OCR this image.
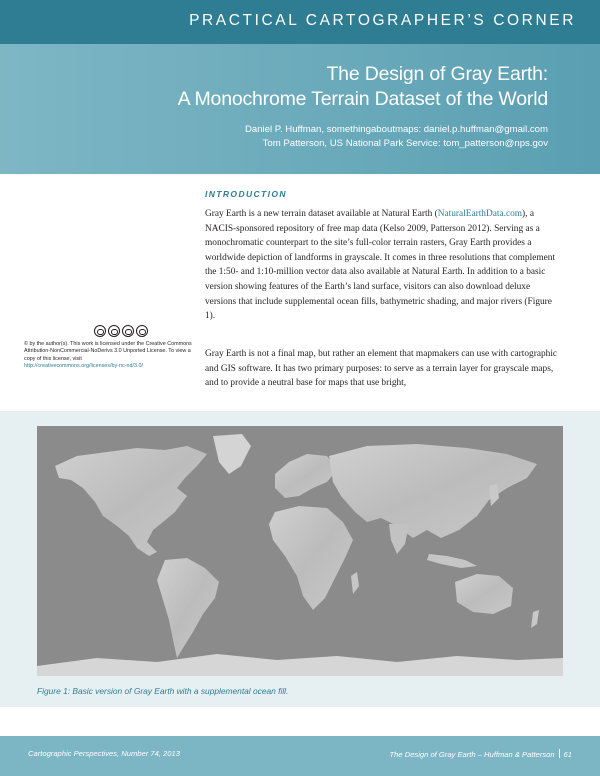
PRACTICAL CARTOGRAPHER’S CORNER
The Design of Gray Earth:
A Monochrome Terrain Dataset of the World
Daniel P. Huffman, somethingaboutmaps: daniel.p.huffman@gmail.com
Tom Patterson, US National Park Service: tom_patterson@nps.gov
INTRODUCTION

Gray Earth is a new terrain dataset available at Natural Earth (NaturalEarthData.com), a NACIS-sponsored repository of free map data (Kelso 2009, Patterson 2012). Serving as a monochromatic counterpart to the site’s full-color terrain rasters, Gray Earth provides a worldwide depiction of landforms in grayscale. It comes in three resolutions that complement the 1:50- and 1:10-million vector data also available at Natural Earth. In addition to a basic version showing features of the Earth’s land surface, visitors can also download deluxe versions that include supplemental ocean fills, bathymetric shading, and major rivers (Figure 1).

Gray Earth is not a final map, but rather an element that mapmakers can use with cartographic and GIS software. It has two primary purposes: to serve as a terrain layer for grayscale maps, and to provide a neutral base for maps that use bright,

© by the author(s). This work is licensed under the Creative Commons Attribution-NonCommercial-NoDerivs 3.0 Unported License. To view a copy of this license, visit
http://creativecommons.org/licenses/by-nc-nd/3.0/
Figure 1: Basic version of Gray Earth with a supplemental ocean fill.
Cartographic Perspectives, Number 74, 2013	The Design of Gray Earth – Huffman & Patterson 61
